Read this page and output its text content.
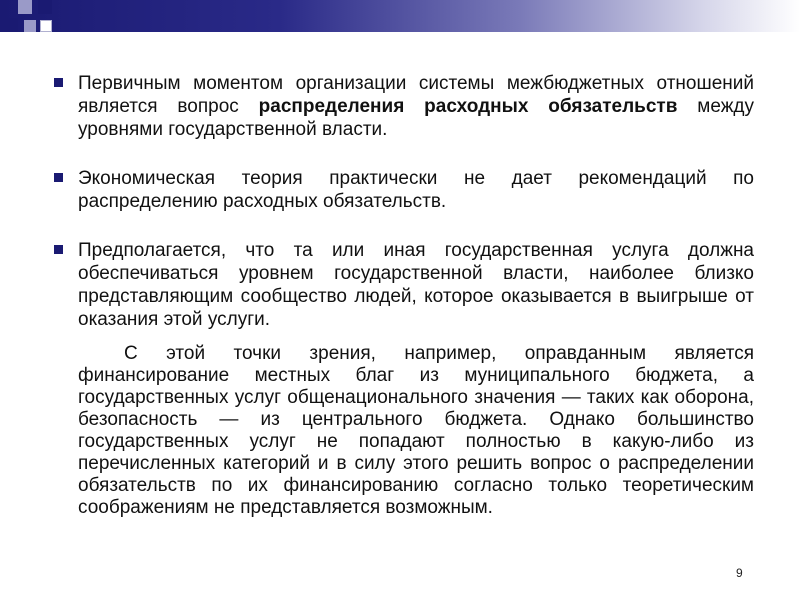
Первичным моментом организации системы межбюджетных отношений является вопрос распределения расходных обязательств между уровнями государственной власти.
Экономическая теория практически не дает рекомендаций по распределению расходных обязательств.
Предполагается, что та или иная государственная услуга должна обеспечиваться уровнем государственной власти, наиболее близко представляющим сообщество людей, которое оказывается в выигрыше от оказания этой услуги.
С этой точки зрения, например, оправданным является финансирование местных благ из муниципального бюджета, а государственных услуг общенационального значения — таких как оборона, безопасность — из центрального бюджета. Однако большинство государственных услуг не попадают полностью в какую-либо из перечисленных категорий и в силу этого решить вопрос о распределении обязательств по их финансированию согласно только теоретическим соображениям не представляется возможным.
9
